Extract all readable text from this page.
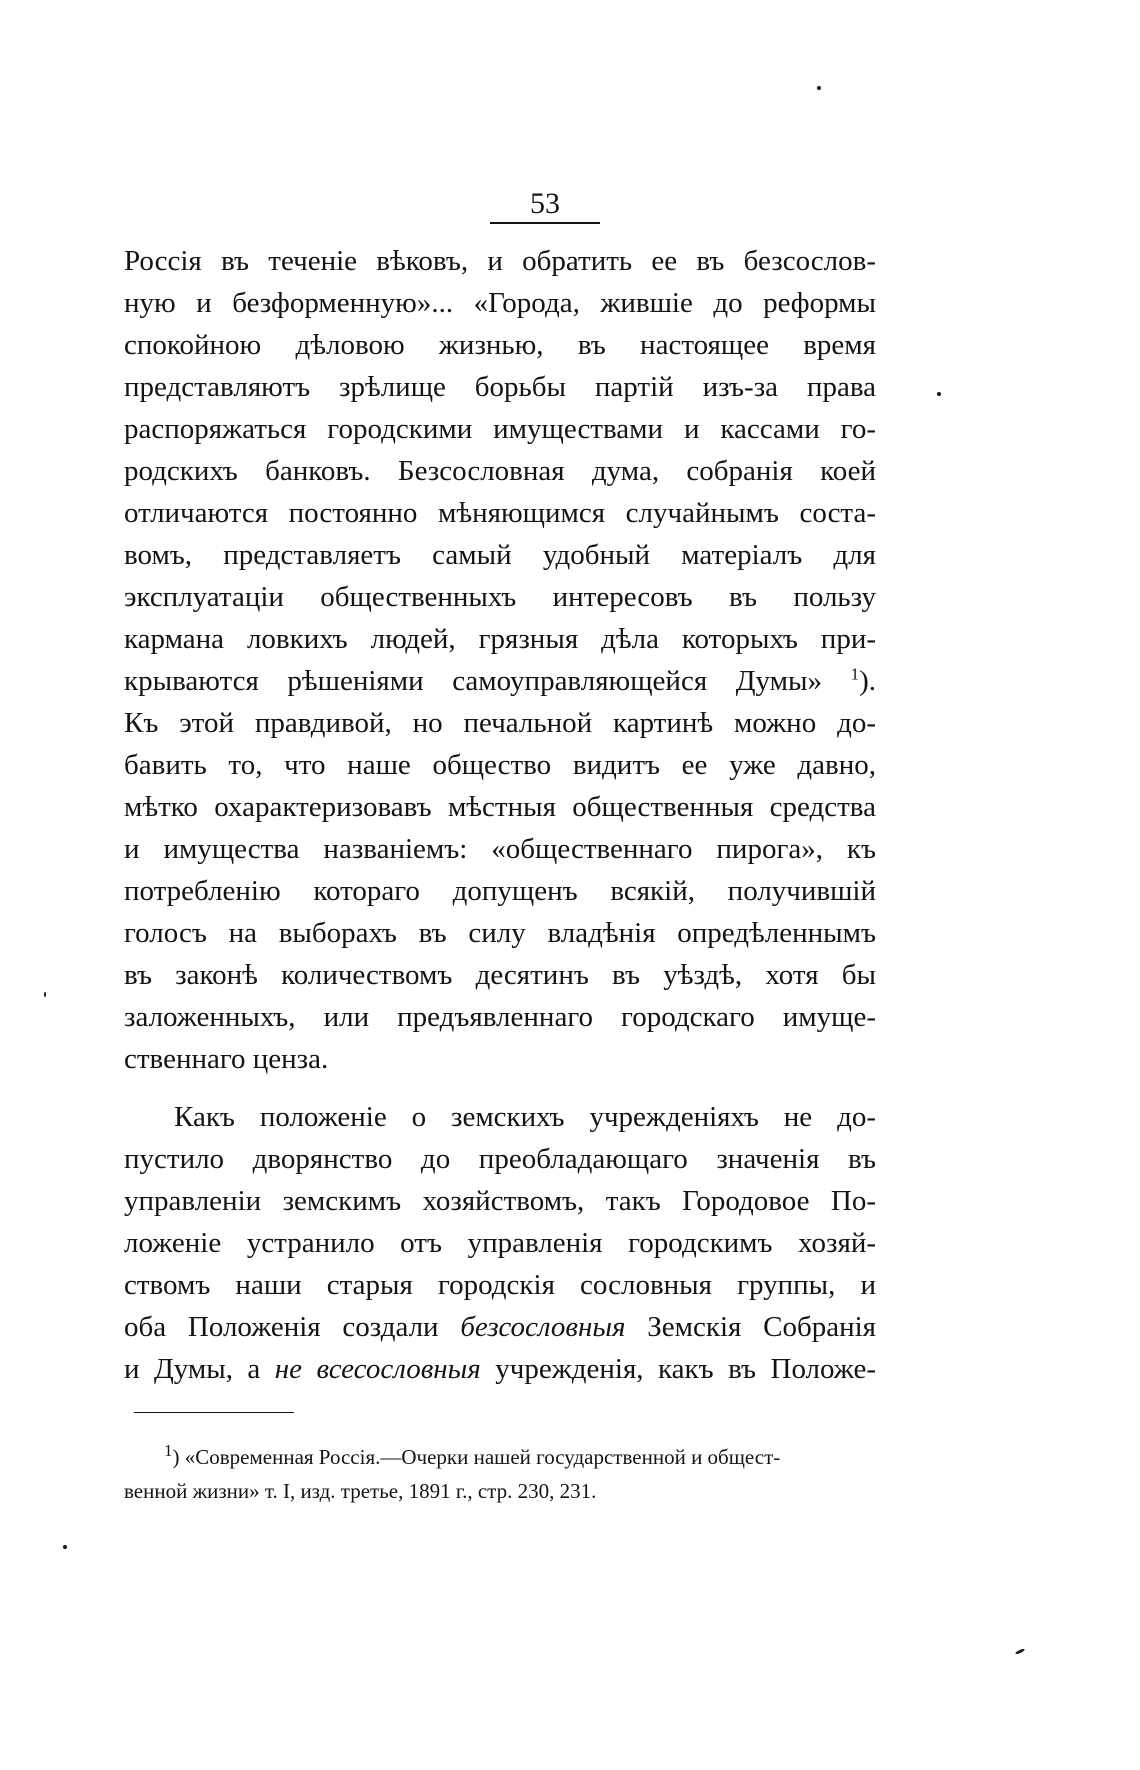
53
Россія въ теченіе вѣковъ, и обратить ее въ безсослов-
ную и безформенную»... «Города, жившіе до реформы
спокойною дѣловою жизнью, въ настоящее время
представляютъ зрѣлище борьбы партій изъ-за права
распоряжаться городскими имуществами и кассами го-
родскихъ банковъ. Безсословная дума, собранія коей
отличаются постоянно мѣняющимся случайнымъ соста-
вомъ, представляетъ самый удобный матеріалъ для
эксплуатаціи общественныхъ интересовъ въ пользу
кармана ловкихъ людей, грязныя дѣла которыхъ при-
крываются рѣшеніями самоуправляющейся Думы» $^1$).
Къ этой правдивой, но печальной картинѣ можно до-
бавить то, что наше общество видитъ ее уже давно,
мѣтко охарактеризовавъ мѣстныя общественныя средства
и имущества названіемъ: «общественнаго пирога», къ
потребленію котораго допущенъ всякій, получившій
голосъ на выборахъ въ силу владѣнія опредѣленнымъ
въ законѣ количествомъ десятинъ въ уѣздѣ, хотя бы
заложенныхъ, или предъявленнаго городскаго имуще-
ственнаго ценза.
Какъ положеніе о земскихъ учрежденіяхъ не до-
пустило дворянство до преобладающаго значенія въ
управленіи земскимъ хозяйствомъ, такъ Городовое По-
ложеніе устранило отъ управленія городскимъ хозяй-
ствомъ наши старыя городскія сословныя группы, и
оба Положенія создали безсословныя Земскія Собранія
и Думы, а не всесословныя учрежденія, какъ въ Положе-
$^1$) «Современная Россія.—Очерки нашей государственной и общест-
венной жизни» т. I, изд. третье, 1891 г., стр. 230, 231.
